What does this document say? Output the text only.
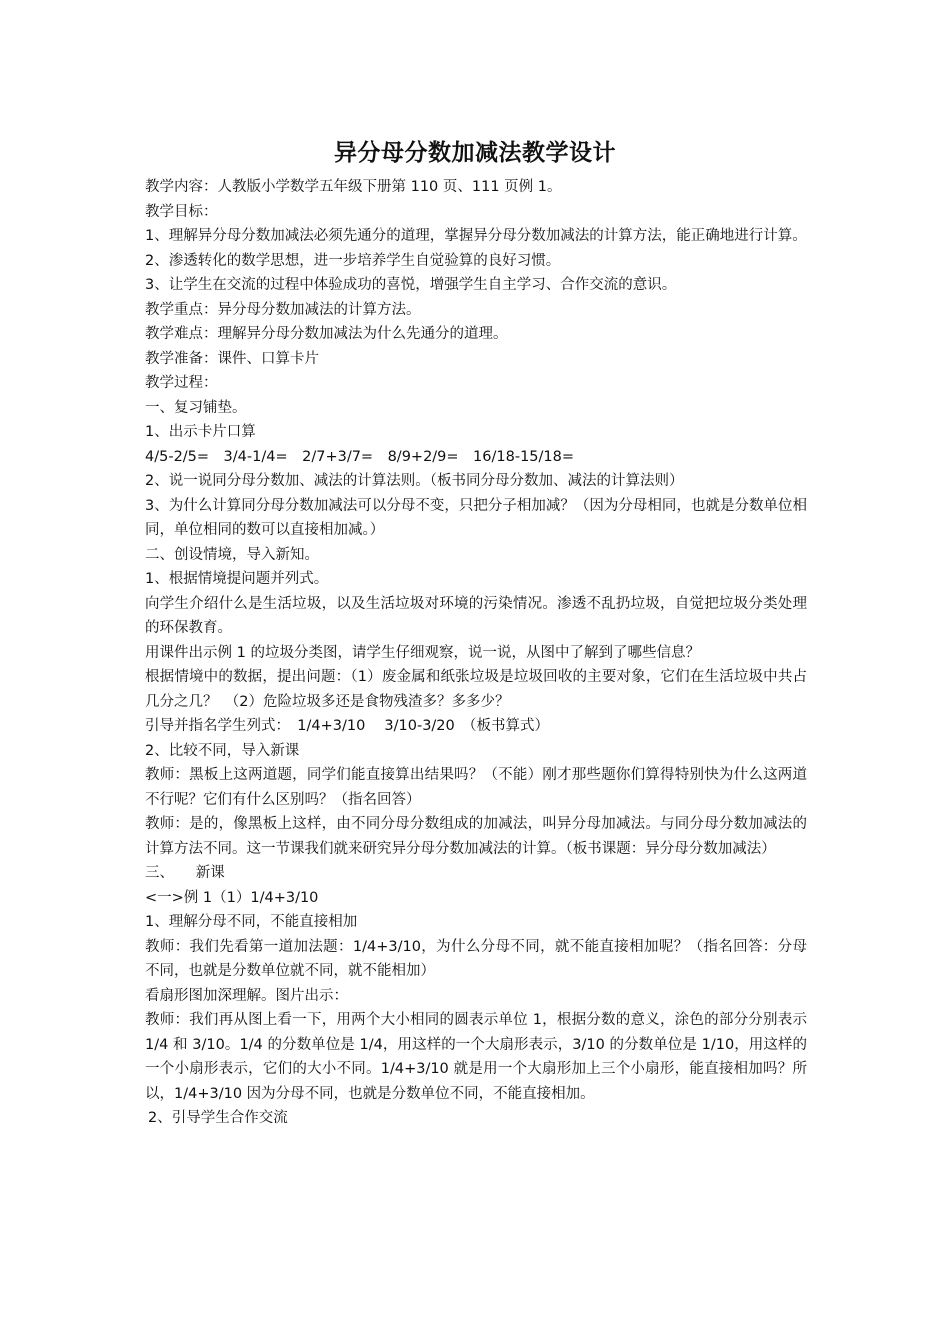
异分母分数加减法教学设计

教学内容：人教版小学数学五年级下册第 110 页、111 页例 1。

教学目标：

1、理解异分母分数加减法必须先通分的道理，掌握异分母分数加减法的计算方法，能正确地进行计算。

2、渗透转化的数学思想，进一步培养学生自觉验算的良好习惯。

3、让学生在交流的过程中体验成功的喜悦，增强学生自主学习、合作交流的意识。

教学重点：异分母分数加减法的计算方法。

教学难点：理解异分母分数加减法为什么先通分的道理。

教学准备：课件、口算卡片

教学过程：

一、复习铺垫。

1、出示卡片口算

4/5-2/5=　3/4-1/4=　2/7+3/7=　8/9+2/9=　16/18-15/18=

2、说一说同分母分数加、减法的计算法则。（板书同分母分数加、减法的计算法则）

3、为什么计算同分母分数加减法可以分母不变，只把分子相加减？（因为分母相同，也就是分数单位相同，单位相同的数可以直接相加减。）

二、创设情境，导入新知。

1、根据情境提问题并列式。

向学生介绍什么是生活垃圾，以及生活垃圾对环境的污染情况。渗透不乱扔垃圾，自觉把垃圾分类处理的环保教育。

用课件出示例 1 的垃圾分类图，请学生仔细观察，说一说，从图中了解到了哪些信息？

根据情境中的数据，提出问题：（1）废金属和纸张垃圾是垃圾回收的主要对象，它们在生活垃圾中共占几分之几？　（2）危险垃圾多还是食物残渣多？多多少？

引导并指名学生列式：　1/4+3/10　 3/10-3/20　（板书算式）

2、比较不同，导入新课

教师：黑板上这两道题，同学们能直接算出结果吗？（不能）刚才那些题你们算得特别快为什么这两道不行呢？它们有什么区别吗？（指名回答）

教师：是的，像黑板上这样，由不同分母分数组成的加减法，叫异分母加减法。与同分母分数加减法的计算方法不同。这一节课我们就来研究异分母分数加减法的计算。（板书课题：异分母分数加减法）

三、　　新课

<一>例 1（1）1/4+3/10

1、理解分母不同，不能直接相加

教师：我们先看第一道加法题：1/4+3/10，为什么分母不同，就不能直接相加呢？（指名回答：分母不同，也就是分数单位就不同，就不能相加）

看扇形图加深理解。图片出示：

教师：我们再从图上看一下，用两个大小相同的圆表示单位 1，根据分数的意义，涂色的部分分别表示 1/4 和 3/10。1/4 的分数单位是 1/4，用这样的一个大扇形表示，3/10 的分数单位是 1/10，用这样的一个小扇形表示，它们的大小不同。1/4+3/10 就是用一个大扇形加上三个小扇形，能直接相加吗？所以，1/4+3/10 因为分母不同，也就是分数单位不同，不能直接相加。

2、引导学生合作交流
